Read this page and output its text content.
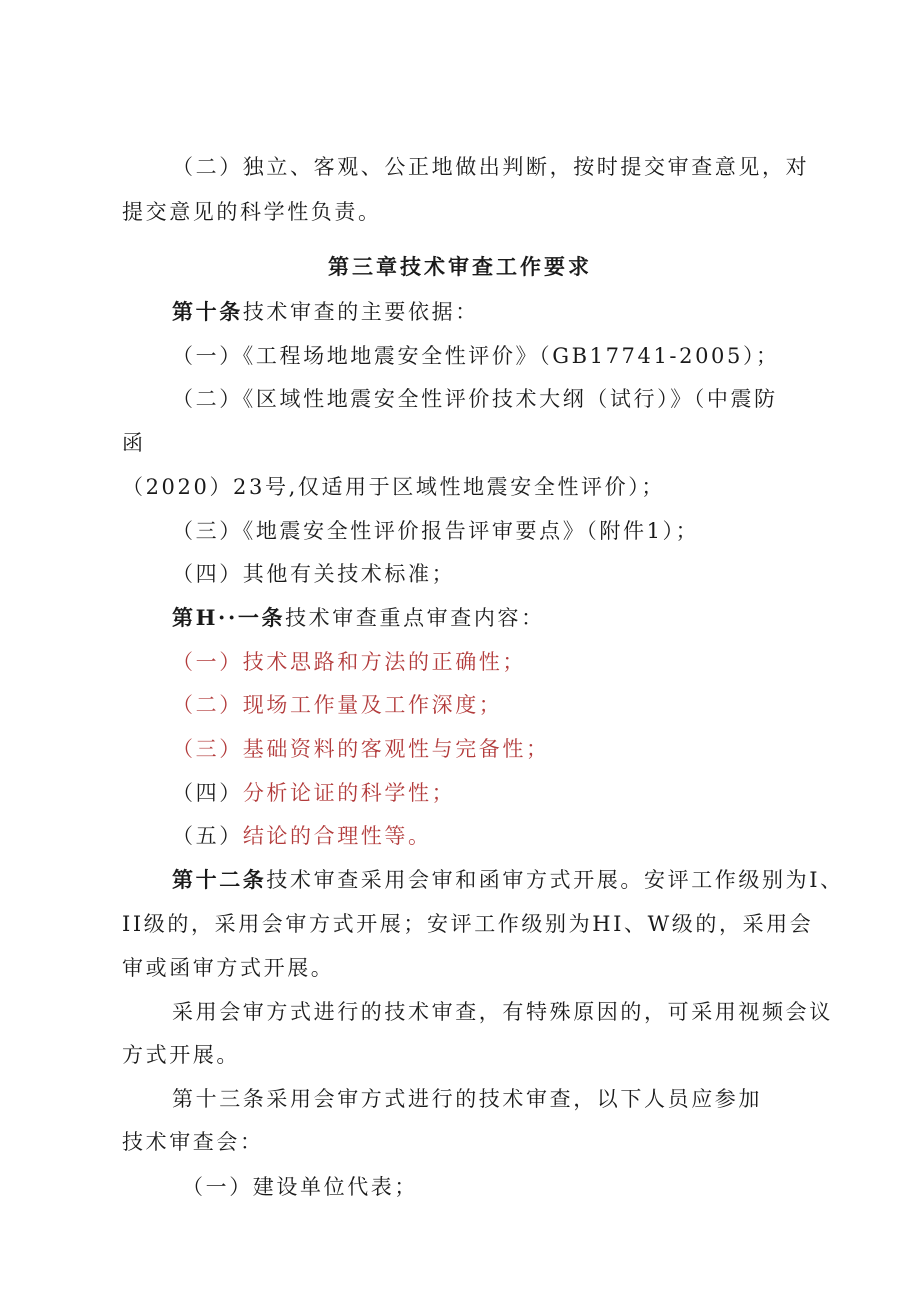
（二）独立、客观、公正地做出判断，按时提交审查意见，对
提交意见的科学性负责。
第三章技术审查工作要求
第十条技术审查的主要依据：
（一）《工程场地地震安全性评价》（GB17741-2005）；
（二）《区域性地震安全性评价技术大纲（试行）》（中震防
函
（2020）23号,仅适用于区域性地震安全性评价）；
（三）《地震安全性评价报告评审要点》（附件1）；
（四）其他有关技术标准；
第H··一条技术审查重点审查内容：
（一）技术思路和方法的正确性；
（二）现场工作量及工作深度；
（三）基础资料的客观性与完备性；
（四）分析论证的科学性；
（五）结论的合理性等。
第十二条技术审查采用会审和函审方式开展。安评工作级别为I、
II级的，采用会审方式开展；安评工作级别为HI、W级的，采用会
审或函审方式开展。
采用会审方式进行的技术审查，有特殊原因的，可采用视频会议
方式开展。
第十三条采用会审方式进行的技术审查，以下人员应参加
技术审查会：
（一）建设单位代表；
